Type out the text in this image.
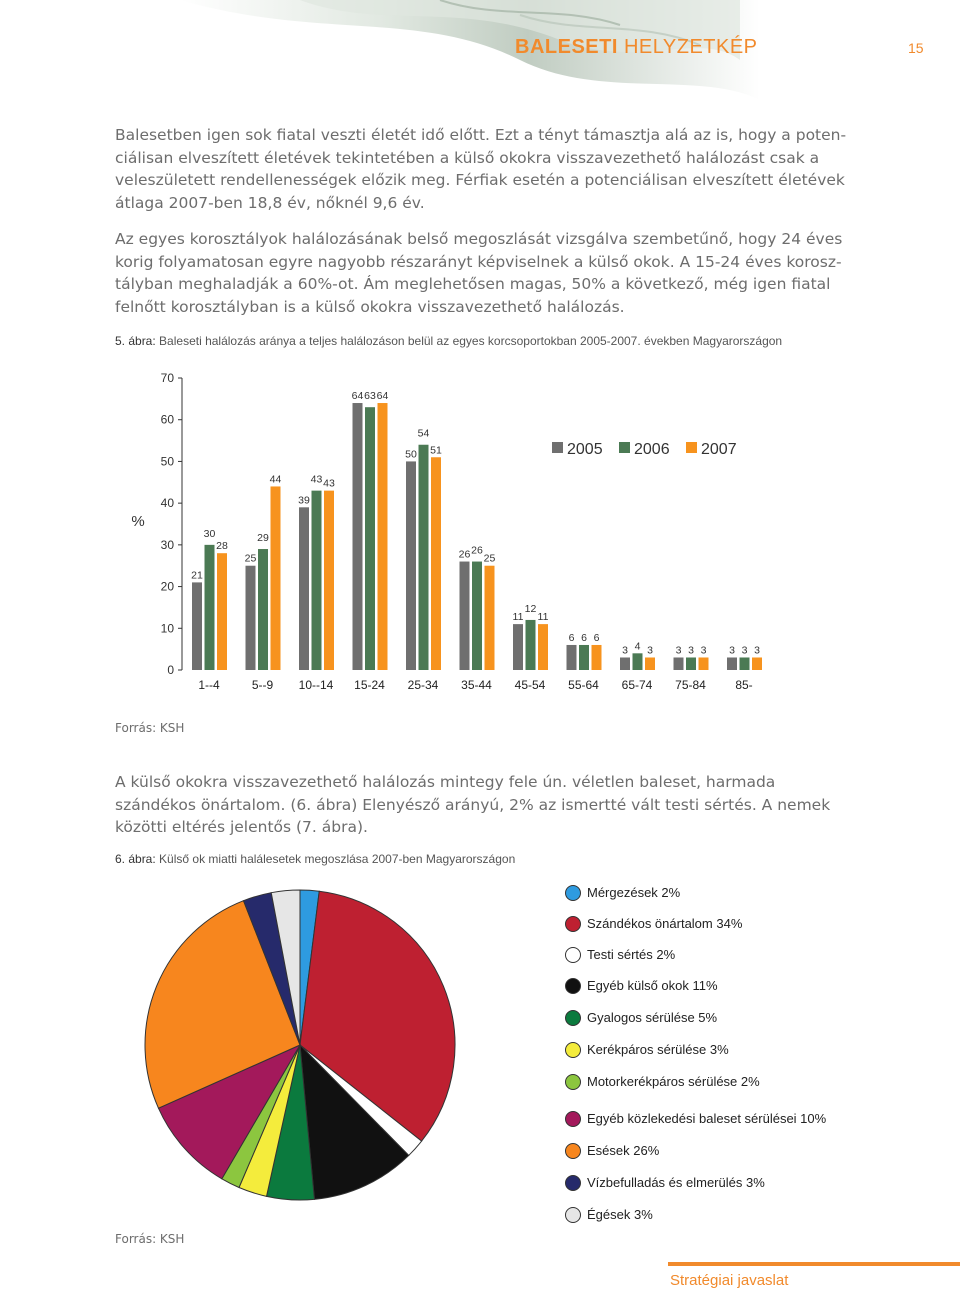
BALESETI HELYZETKÉP	15

Balesetben igen sok fiatal veszti életét idő előtt. Ezt a tényt támasztja alá az is, hogy a poten-ciálisan elveszített életévek tekintetében a külső okokra visszavezethető halálozást csak a veleszületett rendellenességek előzik meg. Férfiak esetén a potenciálisan elveszített életévek átlaga 2007-ben 18,8 év, nőknél 9,6 év.

Az egyes korosztályok halálozásának belső megoszlását vizsgálva szembetűnő, hogy 24 éves korig folyamatosan egyre nagyobb részarányt képviselnek a külső okok. A 15-24 éves korosz-tályban meghaladják a 60%-ot. Ám meglehetősen magas, 50% a következő, még igen fiatal felnőtt korosztályban is a külső okokra visszavezethető halálozás.

5. ábra: Baleseti halálozás aránya a teljes halálozáson belül az egyes korcsoportokban 2005-2007. években Magyarországon
0
10
20
30
40
50
60
70
%
21
30
28
1--4
25
29
44
5--9
39
43 43
10--14
64 63 64
15-24
50
54
51
25-34
26 26
25
35-44
11
12
11
45-54
6 6 6
55-64
3 4 3
65-74
3 3 3
75-84
3 3 3
85-
2005 2006 2007
Forrás: KSH

A külső okokra visszavezethető halálozás mintegy fele ún. véletlen baleset, harmada szándékos önártalom. (6. ábra) Elenyésző arányú, 2% az ismertté vált testi sértés. A nemek közötti eltérés jelentős (7. ábra).

6. ábra: Külső ok miatti halálesetek megoszlása 2007-ben Magyarországon
Mérgezések 2%
Szándékos önártalom 34%
Testi sértés 2%
Egyéb külső okok 11%
Gyalogos sérülése 5%
Kerékpáros sérülése 3%
Motorkerékpáros sérülése 2%
Egyéb közlekedési baleset sérülései 10%
Esések 26%
Vízbefulladás és elmerülés 3%
Égések 3%
Forrás: KSH
Stratégiai javaslat
